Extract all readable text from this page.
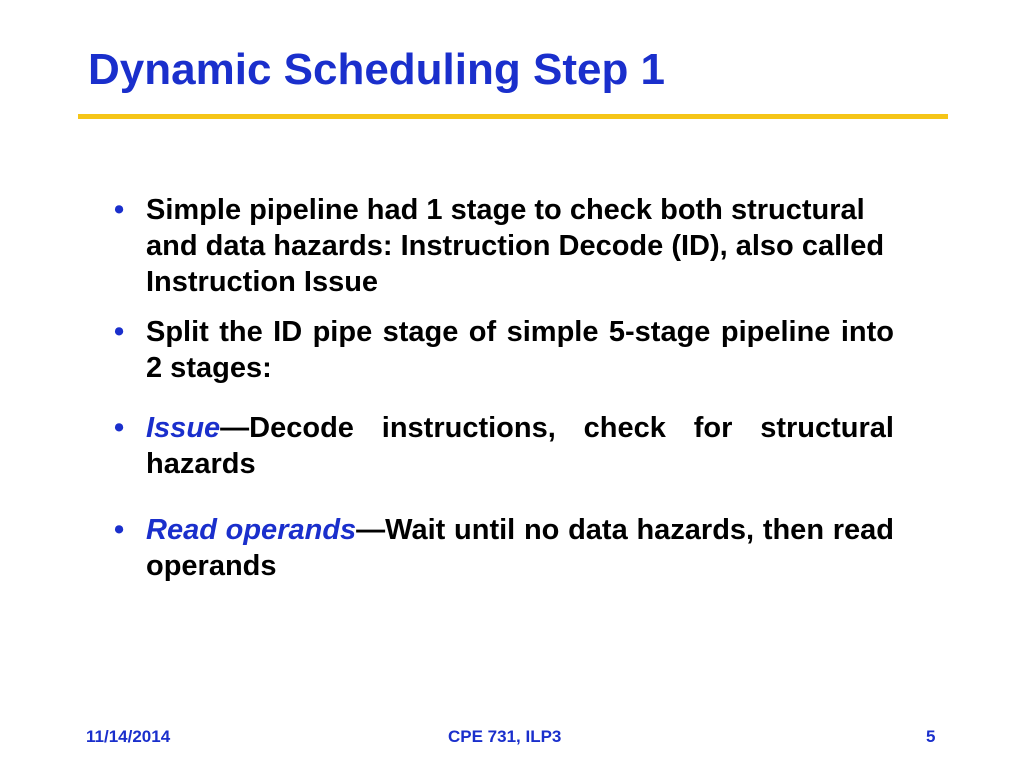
Dynamic Scheduling Step 1
• Simple pipeline had 1 stage to check both structural and data hazards: Instruction Decode (ID), also called Instruction Issue
• Split the ID pipe stage of simple 5-stage pipeline into 2 stages:
• Issue—Decode instructions, check for structural hazards
• Read operands—Wait until no data hazards, then read operands
11/14/2014	CPE 731, ILP3	5
